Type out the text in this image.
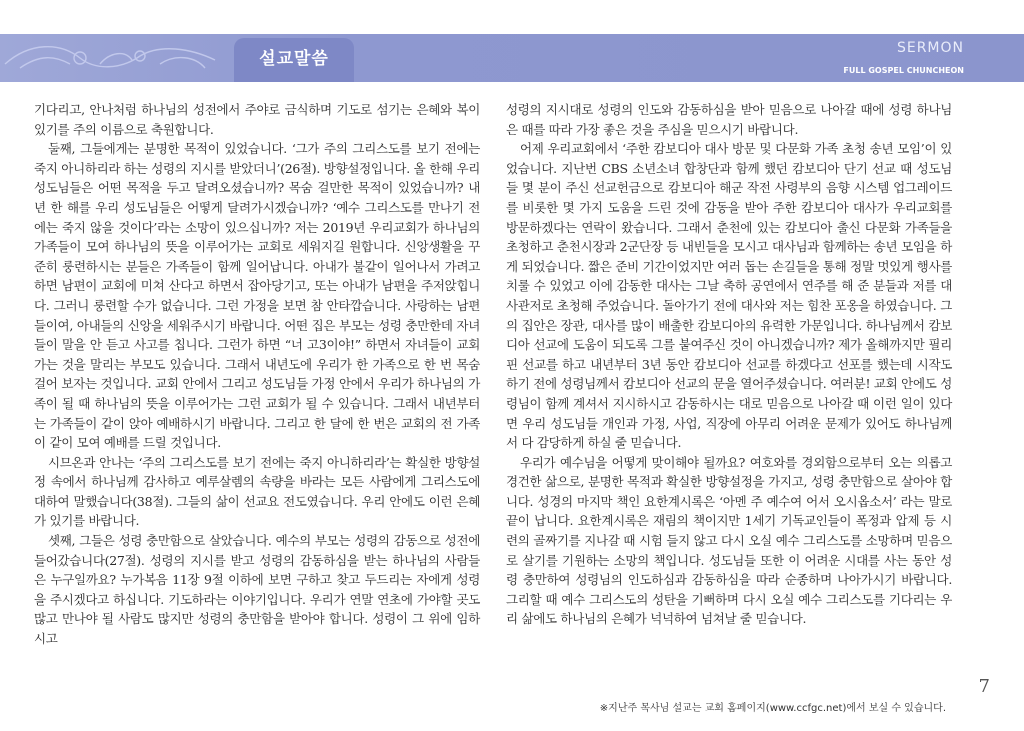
설교말씀
SERMON
FULL GOSPEL CHUNCHEON

기다리고, 안나처럼 하나님의 성전에서 주야로 금식하며 기도로 섬기는 은혜와 복이 있기를 주의 이름으로 축원합니다.

둘째, 그들에게는 분명한 목적이 있었습니다. ‘그가 주의 그리스도를 보기 전에는 죽지 아니하리라 하는 성령의 지시를 받았더니’(26절). 방향설정입니다. 올 한해 우리 성도님들은 어떤 목적을 두고 달려오셨습니까? 목숨 걸만한 목적이 있었습니까? 내년 한 해를 우리 성도님들은 어떻게 달려가시겠습니까? ‘예수 그리스도를 만나기 전에는 죽지 않을 것이다’라는 소망이 있으십니까? 저는 2019년 우리교회가 하나님의 가족들이 모여 하나님의 뜻을 이루어가는 교회로 세워지길 원합니다. 신앙생활을 꾸준히 룽련하시는 분들은 가족들이 함께 일어납니다. 아내가 불같이 일어나서 가려고 하면 남편이 교회에 미쳐 산다고 하면서 잡아당기고, 또는 아내가 남편을 주저앉힙니다. 그러니 룽련할 수가 없습니다. 그런 가정을 보면 참 안타깝습니다. 사랑하는 남편들이여, 아내들의 신앙을 세워주시기 바랍니다. 어떤 집은 부모는 성령 충만한데 자녀들이 말을 안 듣고 사고를 칩니다. 그런가 하면 “너 고3이야!” 하면서 자녀들이 교회 가는 것을 말리는 부모도 있습니다. 그래서 내년도에 우리가 한 가족으로 한 번 목숨 걸어 보자는 것입니다. 교회 안에서 그리고 성도님들 가정 안에서 우리가 하나님의 가족이 될 때 하나님의 뜻을 이루어가는 그런 교회가 될 수 있습니다. 그래서 내년부터는 가족들이 같이 앉아 예배하시기 바랍니다. 그리고 한 달에 한 번은 교회의 전 가족이 같이 모여 예배를 드릴 것입니다.

시므온과 안나는 ‘주의 그리스도를 보기 전에는 죽지 아니하리라’는 확실한 방향설정 속에서 하나님께 감사하고 예루살렘의 속량을 바라는 모든 사람에게 그리스도에 대하여 말했습니다(38절). 그들의 삶이 선교요 전도였습니다. 우리 안에도 이런 은혜가 있기를 바랍니다.

셋째, 그들은 성령 충만함으로 살았습니다. 예수의 부모는 성령의 감동으로 성전에 들어갔습니다(27절). 성령의 지시를 받고 성령의 감동하심을 받는 하나님의 사람들은 누구일까요? 누가복음 11장 9절 이하에 보면 구하고 찾고 두드리는 자에게 성령을 주시겠다고 하십니다. 기도하라는 이야기입니다. 우리가 연말 연초에 가야할 곳도 많고 만나야 될 사람도 많지만 성령의 충만함을 받아야 합니다. 성령이 그 위에 임하시고

성령의 지시대로 성령의 인도와 감동하심을 받아 믿음으로 나아갈 때에 성령 하나님은 때를 따라 가장 좋은 것을 주심을 믿으시기 바랍니다.

어제 우리교회에서 ‘주한 캄보디아 대사 방문 및 다문화 가족 초청 송년 모임’이 있었습니다. 지난번 CBS 소년소녀 합창단과 함께 했던 캄보디아 단기 선교 때 성도님들 몇 분이 주신 선교헌금으로 캄보디아 해군 작전 사령부의 음향 시스템 업그레이드를 비롯한 몇 가지 도움을 드린 것에 감동을 받아 주한 캄보디아 대사가 우리교회를 방문하겠다는 연락이 왔습니다. 그래서 춘천에 있는 캄보디아 출신 다문화 가족들을 초청하고 춘천시장과 2군단장 등 내빈들을 모시고 대사님과 함께하는 송년 모임을 하게 되었습니다. 짧은 준비 기간이었지만 여러 돕는 손길들을 통해 정말 멋있게 행사를 치룰 수 있었고 이에 감동한 대사는 그날 축하 공연에서 연주를 해 준 분들과 저를 대사관저로 초청해 주었습니다. 돌아가기 전에 대사와 저는 힘찬 포옹을 하였습니다. 그의 집안은 장관, 대사를 많이 배출한 캄보디아의 유력한 가문입니다. 하나님께서 캄보디아 선교에 도움이 되도록 그를 붙여주신 것이 아니겠습니까? 제가 올해까지만 필리핀 선교를 하고 내년부터 3년 동안 캄보디아 선교를 하겠다고 선포를 했는데 시작도 하기 전에 성령님께서 캄보디아 선교의 문을 열어주셨습니다. 여러분! 교회 안에도 성령님이 함께 계셔서 지시하시고 감동하시는 대로 믿음으로 나아갈 때 이런 일이 있다면 우리 성도님들 개인과 가정, 사업, 직장에 아무리 어려운 문제가 있어도 하나님께서 다 감당하게 하실 줄 믿습니다.

우리가 예수님을 어떻게 맞이해야 될까요? 여호와를 경외함으로부터 오는 의롭고 경건한 삶으로, 분명한 목적과 확실한 방향설정을 가지고, 성령 충만함으로 살아야 합니다. 성경의 마지막 책인 요한계시록은 ‘아멘 주 예수여 어서 오시옵소서’ 라는 말로 끝이 납니다. 요한계시록은 재림의 책이지만 1세기 기독교인들이 폭정과 압제 등 시련의 골짜기를 지나갈 때 시험 들지 않고 다시 오실 예수 그리스도를 소망하며 믿음으로 살기를 기원하는 소망의 책입니다. 성도님들 또한 이 어려운 시대를 사는 동안 성령 충만하여 성령님의 인도하심과 감동하심을 따라 순종하며 나아가시기 바랍니다. 그리할 때 예수 그리스도의 성탄을 기뻐하며 다시 오실 예수 그리스도를 기다리는 우리 삶에도 하나님의 은혜가 넉넉하여 넘쳐날 줄 믿습니다.

7
※지난주 목사님 설교는 교회 홈페이지(www.ccfgc.net)에서 보실 수 있습니다.
